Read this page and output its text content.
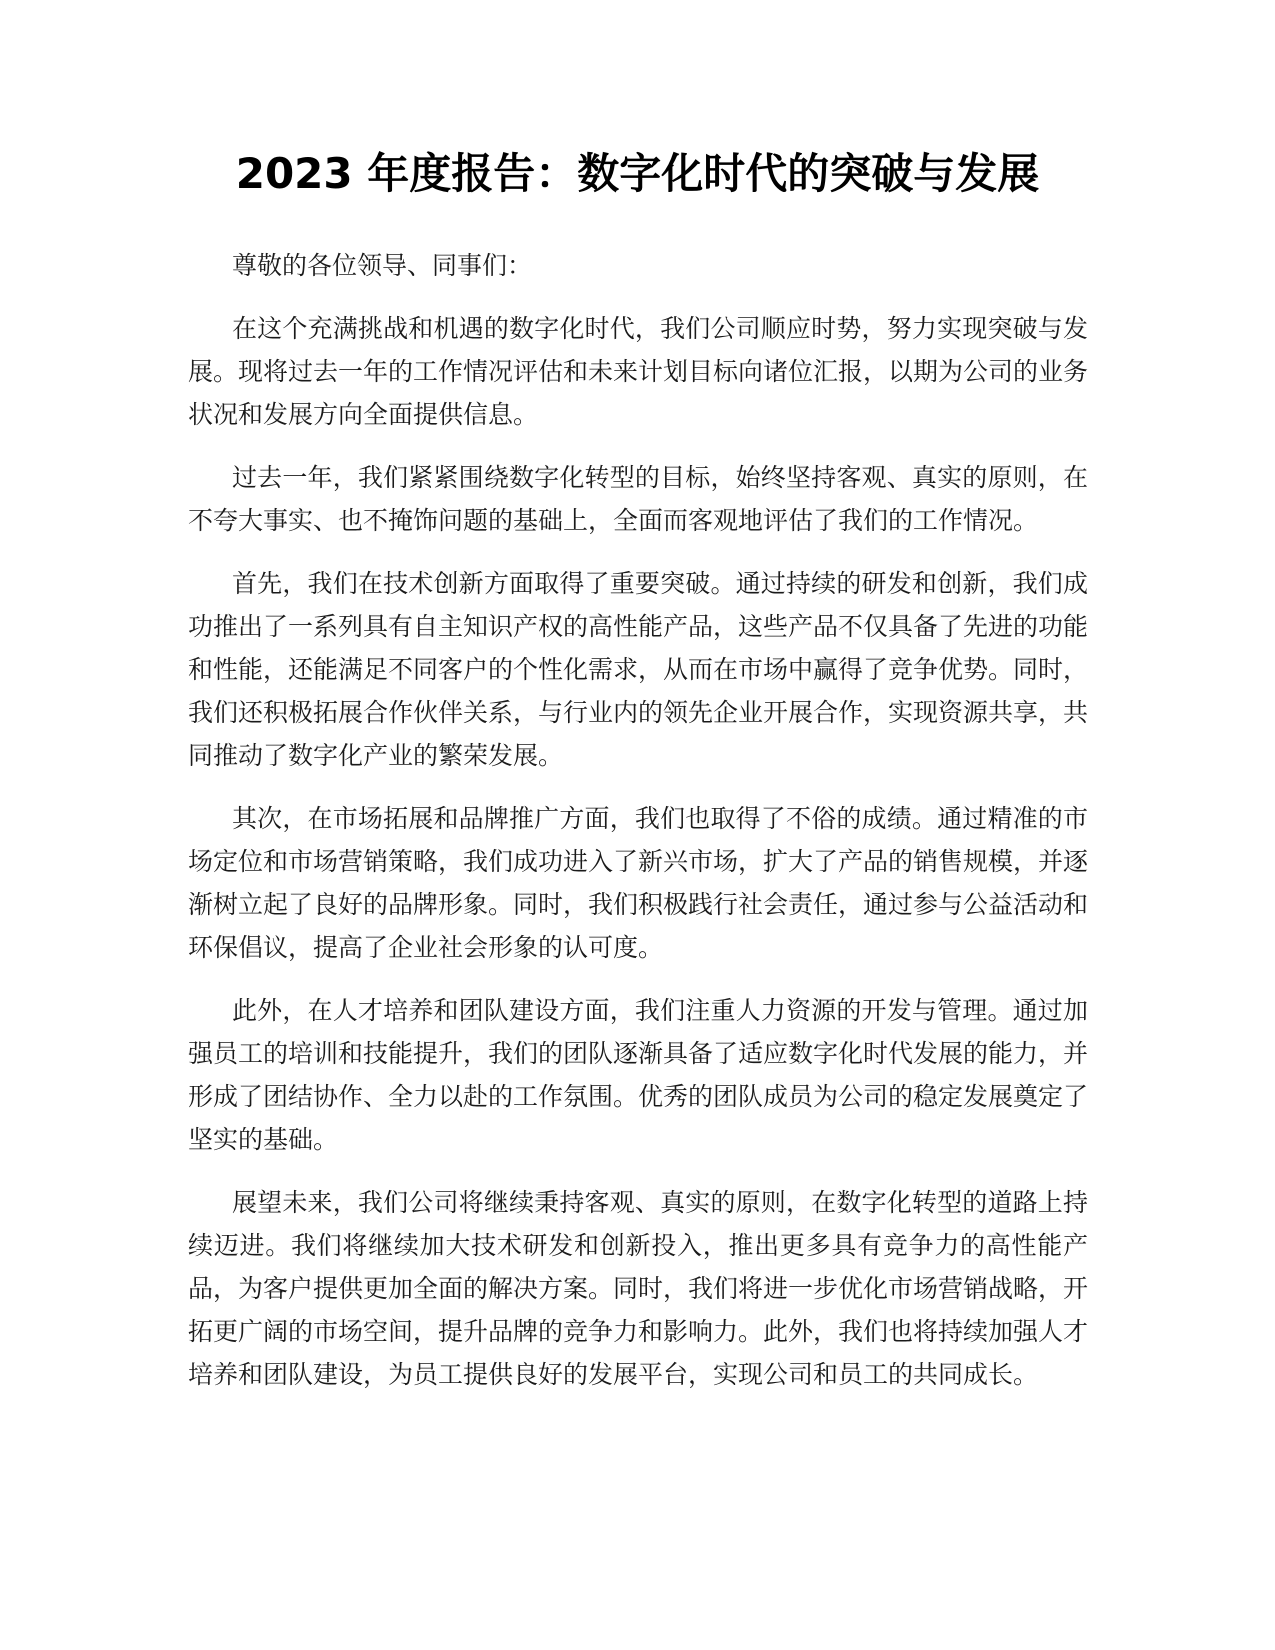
2023 年度报告：数字化时代的突破与发展

尊敬的各位领导、同事们：

在这个充满挑战和机遇的数字化时代，我们公司顺应时势，努力实现突破与发展。现将过去一年的工作情况评估和未来计划目标向诸位汇报，以期为公司的业务状况和发展方向全面提供信息。

过去一年，我们紧紧围绕数字化转型的目标，始终坚持客观、真实的原则，在不夸大事实、也不掩饰问题的基础上，全面而客观地评估了我们的工作情况。

首先，我们在技术创新方面取得了重要突破。通过持续的研发和创新，我们成功推出了一系列具有自主知识产权的高性能产品，这些产品不仅具备了先进的功能和性能，还能满足不同客户的个性化需求，从而在市场中赢得了竞争优势。同时，我们还积极拓展合作伙伴关系，与行业内的领先企业开展合作，实现资源共享，共同推动了数字化产业的繁荣发展。

其次，在市场拓展和品牌推广方面，我们也取得了不俗的成绩。通过精准的市场定位和市场营销策略，我们成功进入了新兴市场，扩大了产品的销售规模，并逐渐树立起了良好的品牌形象。同时，我们积极践行社会责任，通过参与公益活动和环保倡议，提高了企业社会形象的认可度。

此外，在人才培养和团队建设方面，我们注重人力资源的开发与管理。通过加强员工的培训和技能提升，我们的团队逐渐具备了适应数字化时代发展的能力，并形成了团结协作、全力以赴的工作氛围。优秀的团队成员为公司的稳定发展奠定了坚实的基础。

展望未来，我们公司将继续秉持客观、真实的原则，在数字化转型的道路上持续迈进。我们将继续加大技术研发和创新投入，推出更多具有竞争力的高性能产品，为客户提供更加全面的解决方案。同时，我们将进一步优化市场营销战略，开拓更广阔的市场空间，提升品牌的竞争力和影响力。此外，我们也将持续加强人才培养和团队建设，为员工提供良好的发展平台，实现公司和员工的共同成长。
